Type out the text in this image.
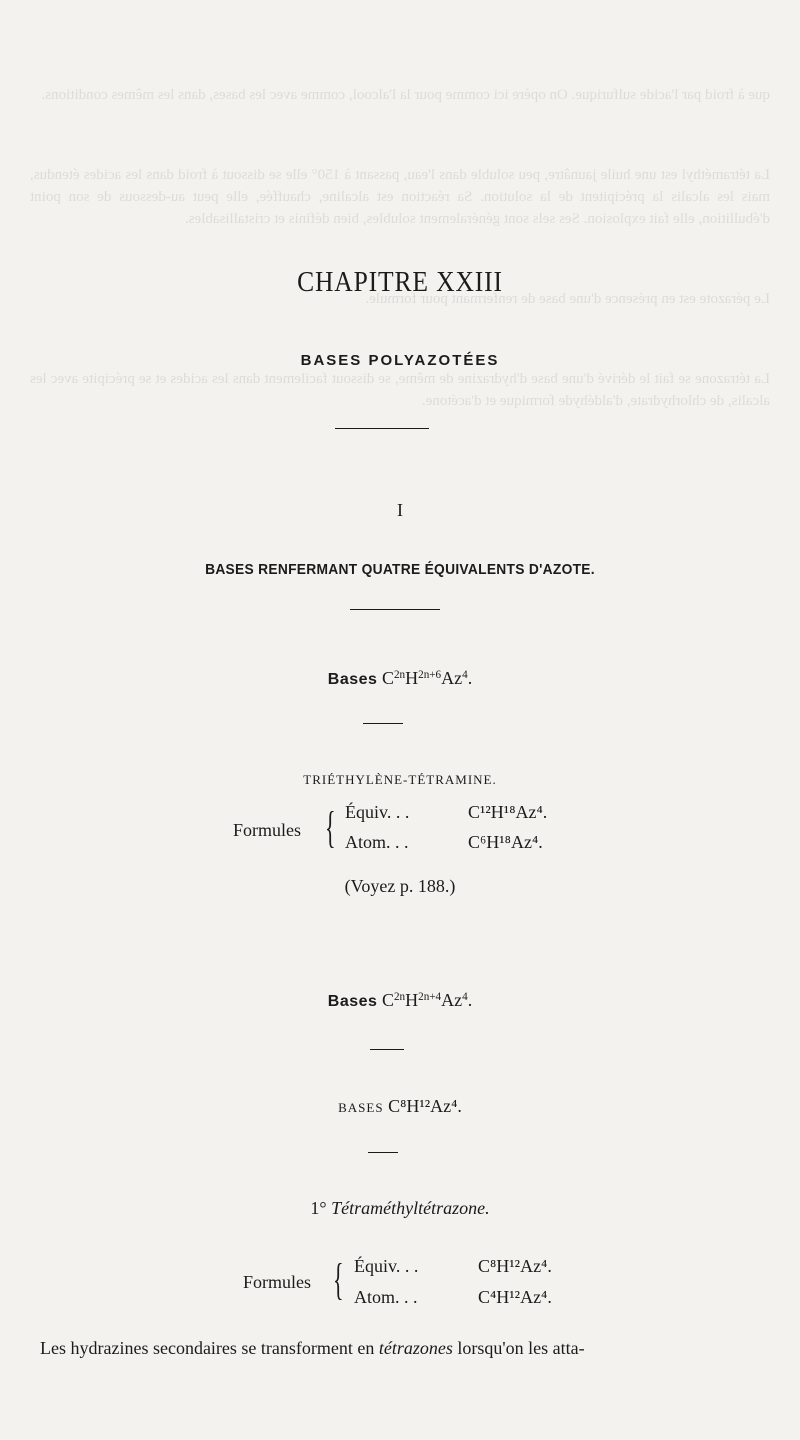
que à froid par l'acide sulfurique. On opère ici comme pour la l'alcool, comme avec les bases, dans les mêmes conditions.

La tétraméthyl est une huile jaunâtre, peu soluble dans l'eau, passant à 150° elle se dissout à froid dans les acides étendus, mais les alcalis la précipitent de la solution. Sa réaction est alcaline, chauffée, elle peut au-dessous de son point d'ébullition, elle fait explosion. Ses sels sont généralement solubles, bien définis et cristallisables.

Le pérazote est en présence d'une base de renfermant pour formule.

La tétrazone se fait le dérivé d'une base d'hydrazine de même, se dissout facilement dans les acides et se précipite avec les alcalis, de chlorhydrate, d'aldéhyde formique et d'acétone.

CHAPITRE XXIII
BASES POLYAZOTÉES
I
BASES RENFERMANT QUATRE ÉQUIVALENTS D'AZOTE.
Bases $C^{2n}H^{2n+6}Az^4$.
TRIÉTHYLÈNE-TÉTRAMINE.
Formules { Équiv. . .	C¹²H¹⁸Az⁴.
Atom. . .	C⁶H¹⁸Az⁴.
(Voyez p. 188.)
Bases $C^{2n}H^{2n+4}Az^4$.
BASES C⁸H¹²Az⁴.
1° Tétraméthyltétrazone.
Formules { Équiv. . .	C⁸H¹²Az⁴.
Atom. . .	C⁴H¹²Az⁴.
Les hydrazines secondaires se transforment en tétrazones lorsqu'on les atta-
